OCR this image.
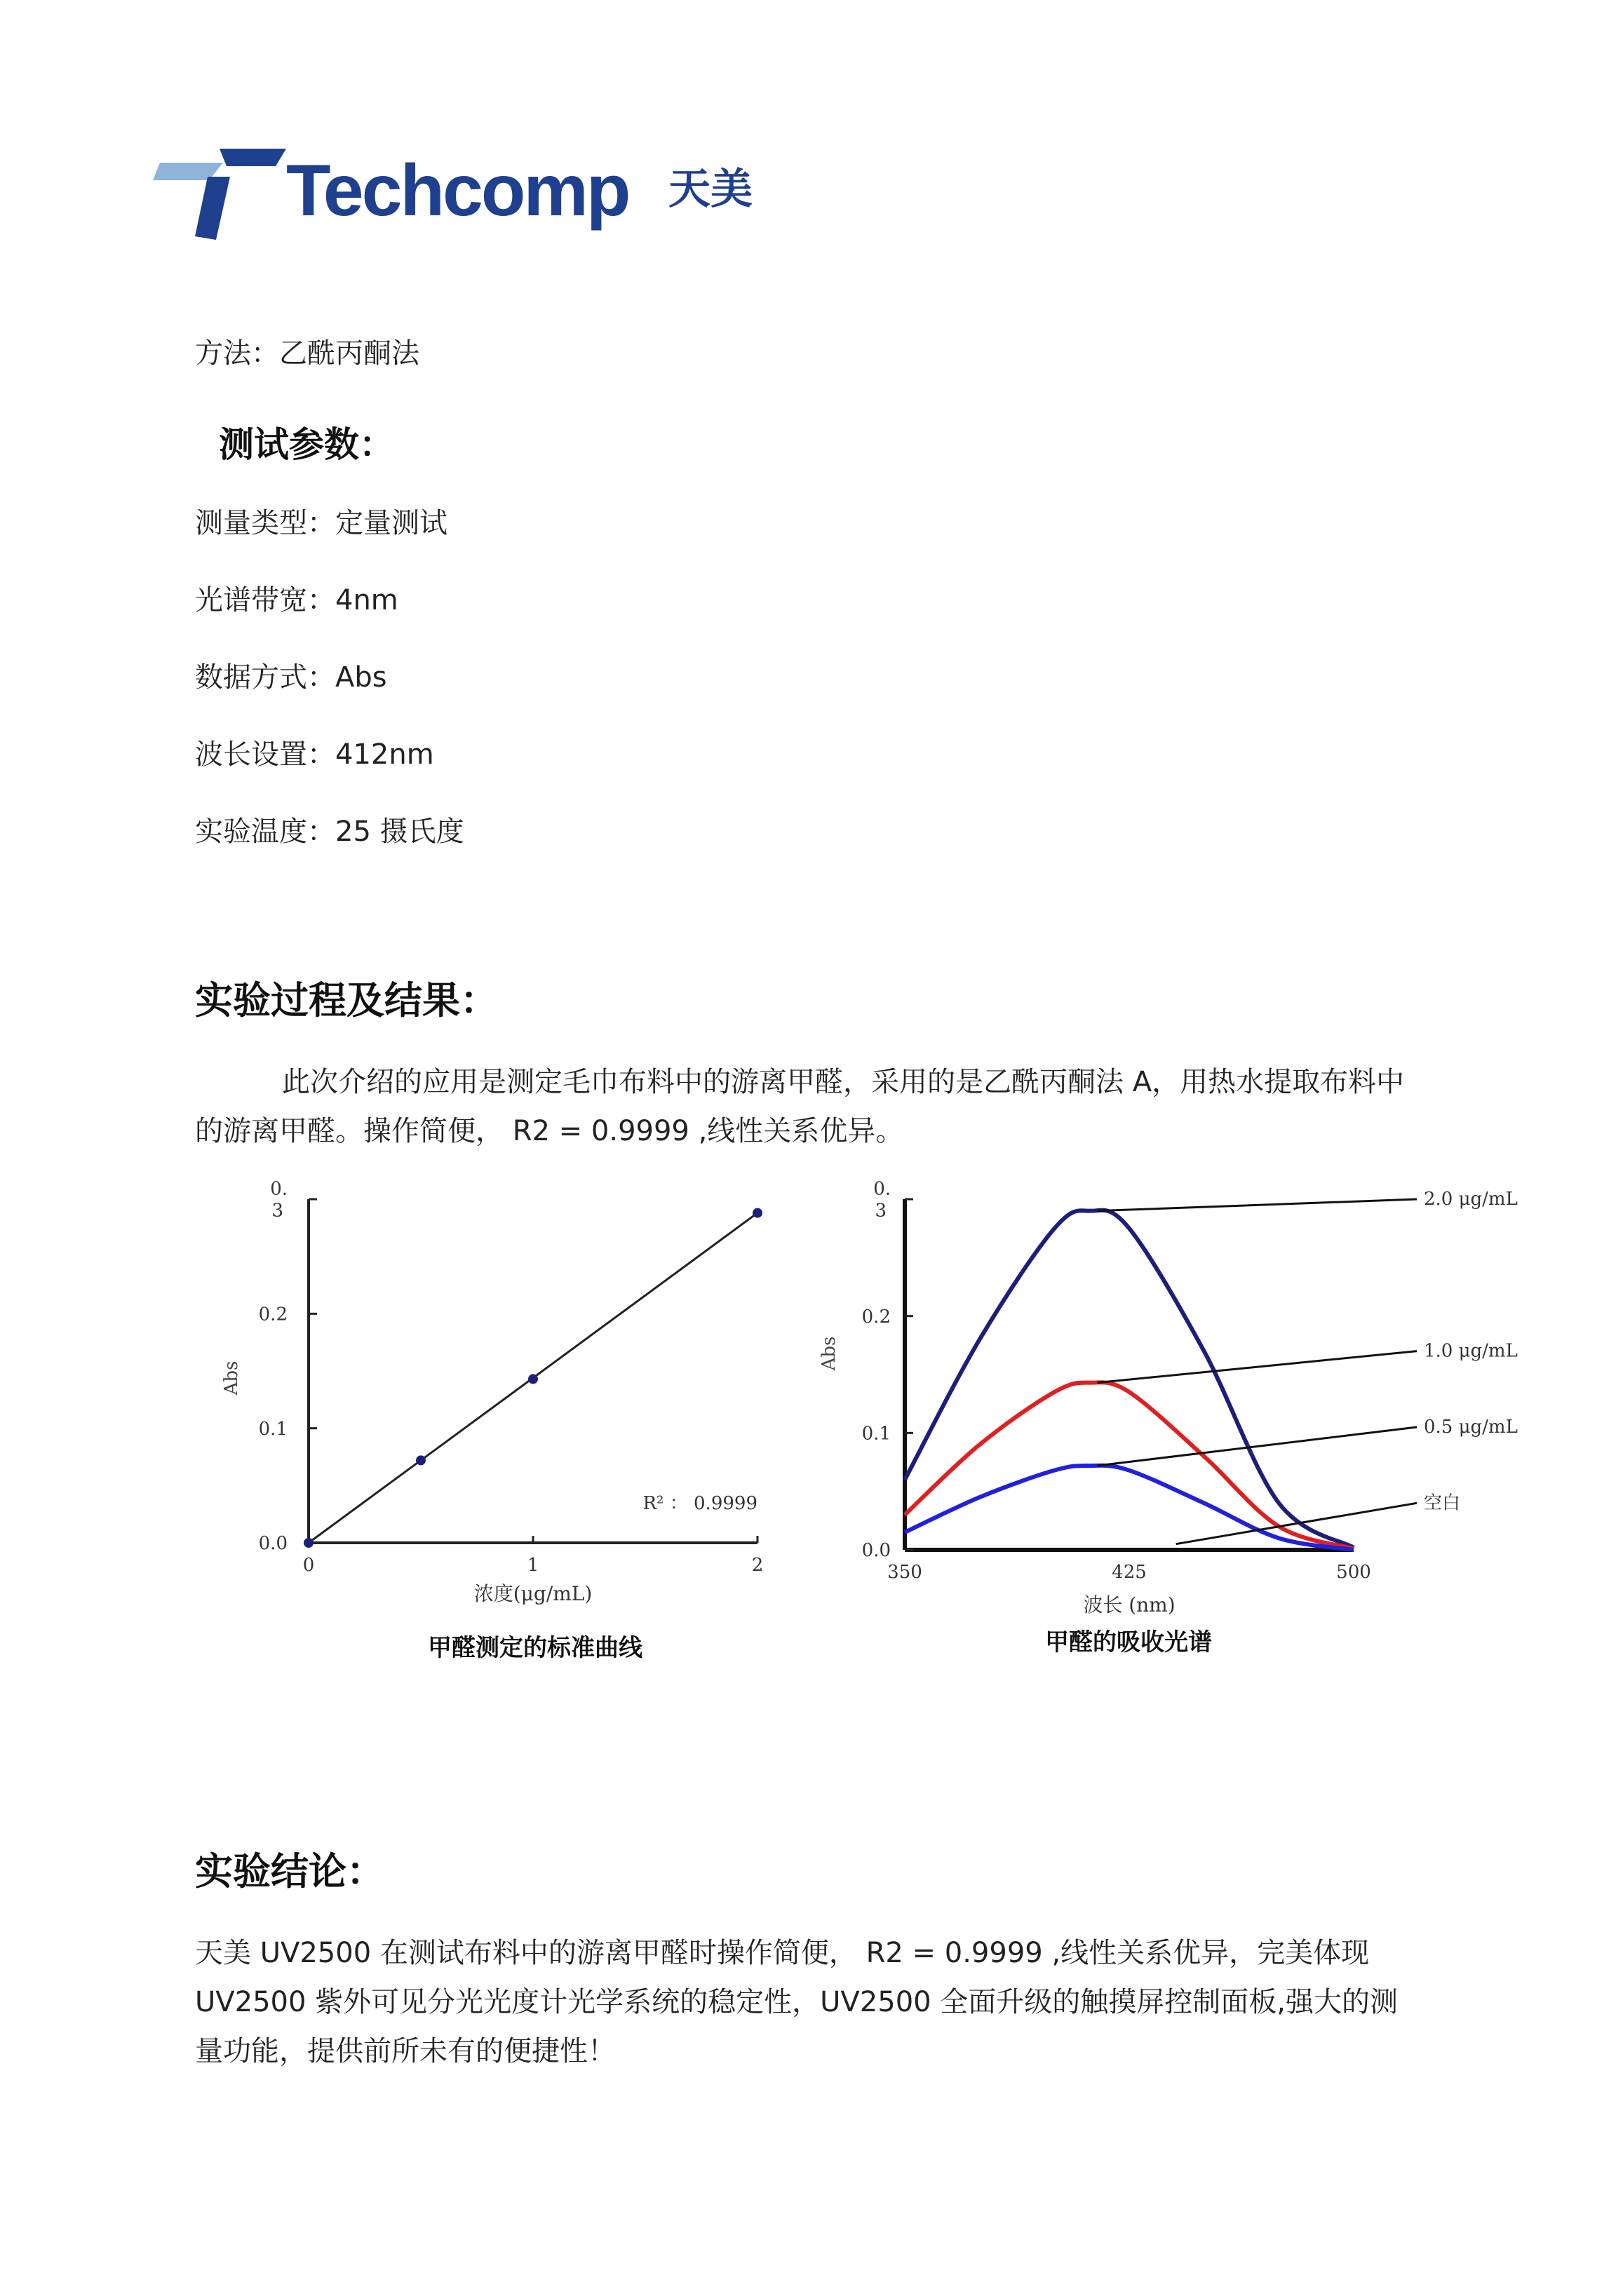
Techcomp 天美
方法：乙酰丙酮法
测试参数：
测量类型：定量测试
光谱带宽：4nm
数据方式：Abs
波长设置：412nm
实验温度：25 摄氏度
实验过程及结果：
此次介绍的应用是测定毛巾布料中的游离甲醛，采用的是乙酰丙酮法 A，用热水提取布料中
的游离甲醛。操作简便， R2 = 0.9999 ,线性关系优异。
0.0
0.1
0.2
0.
3
0	1	2
浓度(μg/mL)
Abs
R² ： 0.9999
甲醛测定的标准曲线
0.0
0.1
0.2
0.
3
350	425	500
波长 (nm)
Abs
2.0 μg/mL
1.0 μg/mL
0.5 μg/mL
空白
甲醛的吸收光谱
实验结论：
天美 UV2500 在测试布料中的游离甲醛时操作简便， R2 = 0.9999 ,线性关系优异，完美体现
UV2500 紫外可见分光光度计光学系统的稳定性，UV2500 全面升级的触摸屏控制面板,强大的测
量功能，提供前所未有的便捷性！
